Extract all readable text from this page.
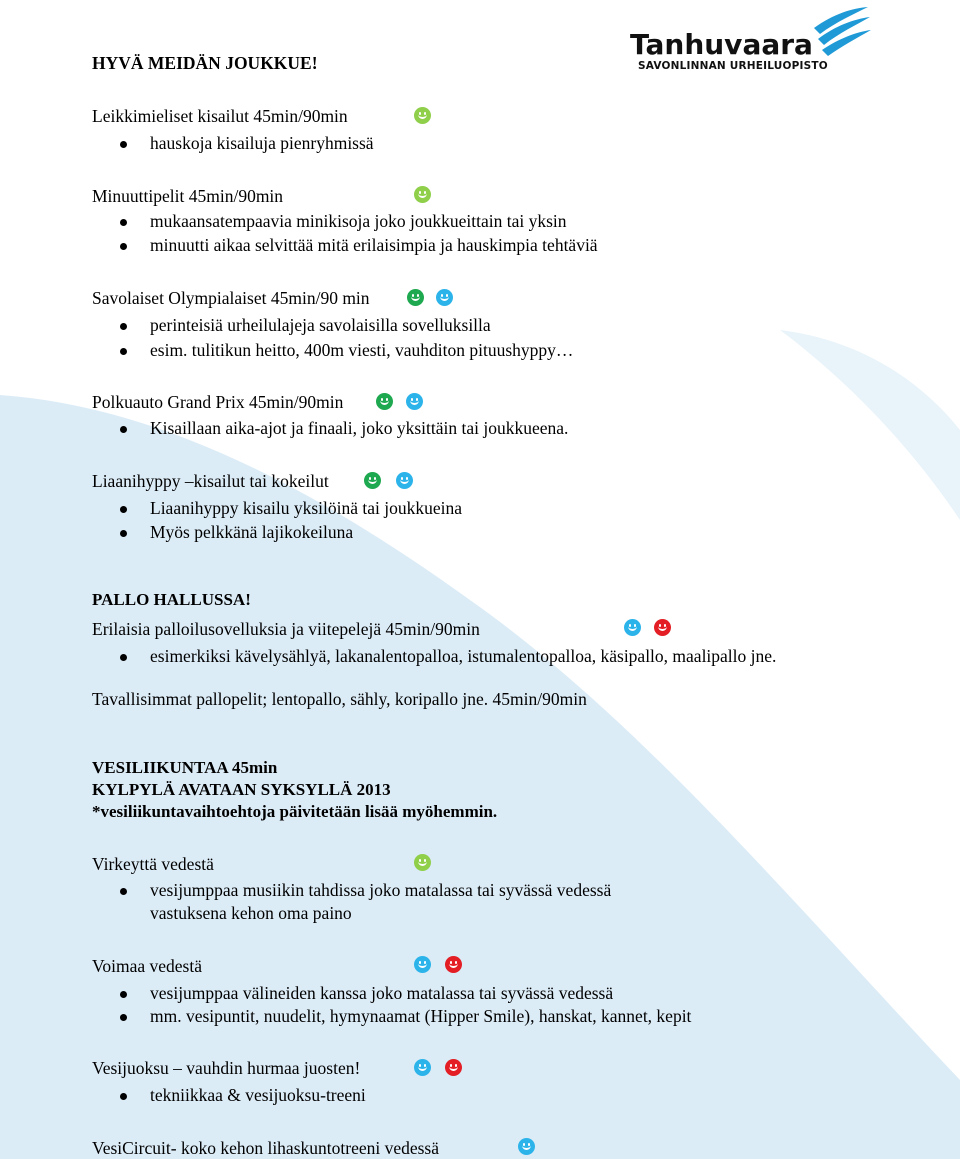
Tanhuvaara
SAVONLINNAN URHEILUOPISTO
HYVÄ MEIDÄN JOUKKUE!
Leikkimieliset kisailut 45min/90min
hauskoja kisailuja pienryhmissä
Minuuttipelit 45min/90min
mukaansatempaavia minikisoja joko joukkueittain tai yksin
minuutti aikaa selvittää mitä erilaisimpia ja hauskimpia tehtäviä
Savolaiset Olympialaiset 45min/90 min
perinteisiä urheilulajeja savolaisilla sovelluksilla
esim. tulitikun heitto, 400m viesti, vauhditon pituushyppy…
Polkuauto Grand Prix 45min/90min
Kisaillaan aika-ajot ja finaali, joko yksittäin tai joukkueena.
Liaanihyppy –kisailut tai kokeilut
Liaanihyppy kisailu yksilöinä tai joukkueina
Myös pelkkänä lajikokeiluna
PALLO HALLUSSA!
Erilaisia palloilusovelluksia ja viitepelejä 45min/90min
esimerkiksi kävelysählyä, lakanalentopalloa, istumalentopalloa, käsipallo, maalipallo jne.
Tavallisimmat pallopelit; lentopallo, sähly, koripallo jne. 45min/90min
VESILIIKUNTAA 45min
KYLPYLÄ AVATAAN SYKSYLLÄ 2013
*vesiliikuntavaihtoehtoja päivitetään lisää myöhemmin.
Virkeyttä vedestä
vesijumppaa musiikin tahdissa joko matalassa tai syvässä vedessä
vastuksena kehon oma paino
Voimaa vedestä
vesijumppaa välineiden kanssa joko matalassa tai syvässä vedessä
mm. vesipuntit, nuudelit, hymynaamat (Hipper Smile), hanskat, kannet, kepit
Vesijuoksu – vauhdin hurmaa juosten!
tekniikkaa & vesijuoksu-treeni
VesiCircuit- koko kehon lihaskuntotreeni vedessä
